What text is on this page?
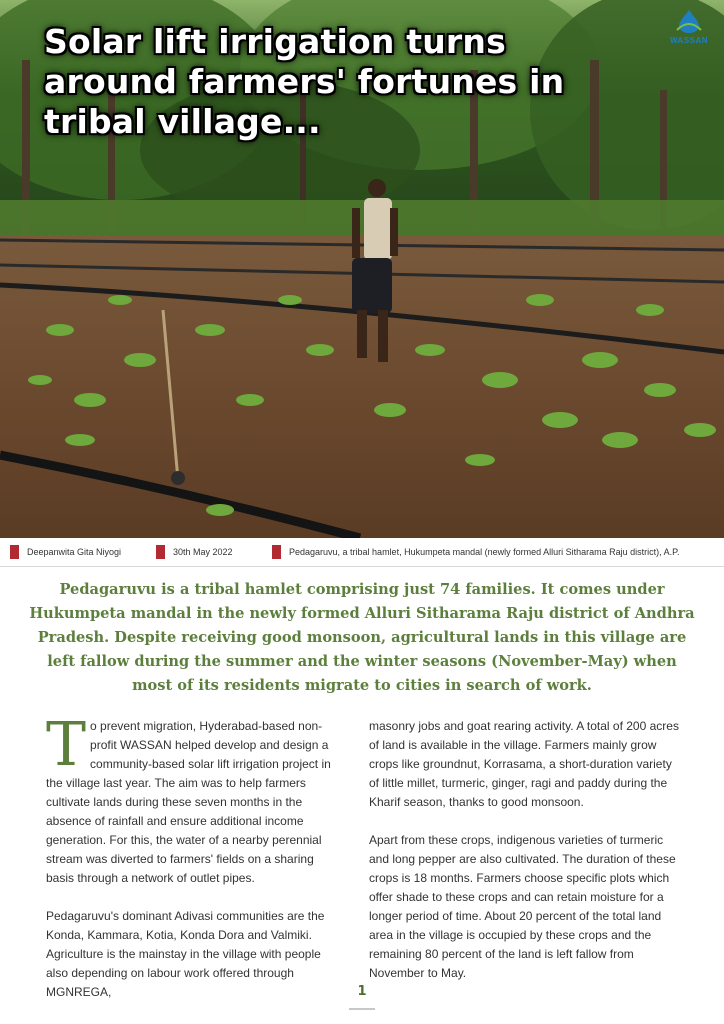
Solar lift irrigation turns around farmers' fortunes in tribal village...
WASSAN
Deepanwita Gita Niyogi	30th May 2022	Pedagaruvu, a tribal hamlet, Hukumpeta mandal (newly formed Alluri Sitharama Raju district), A.P.

Pedagaruvu is a tribal hamlet comprising just 74 families. It comes under Hukumpeta mandal in the newly formed Alluri Sitharama Raju district of Andhra Pradesh. Despite receiving good monsoon, agricultural lands in this village are left fallow during the summer and the winter seasons (November-May) when most of its residents migrate to cities in search of work.

To prevent migration, Hyderabad-based non-profit WASSAN helped develop and design a community-based solar lift irrigation project in the village last year. The aim was to help farmers cultivate lands during these seven months in the absence of rainfall and ensure additional income generation. For this, the water of a nearby perennial stream was diverted to farmers' fields on a sharing basis through a network of outlet pipes.

Pedagaruvu's dominant Adivasi communities are the Konda, Kammara, Kotia, Konda Dora and Valmiki. Agriculture is the mainstay in the village with people also depending on labour work offered through MGNREGA,

masonry jobs and goat rearing activity. A total of 200 acres of land is available in the village. Farmers mainly grow crops like groundnut, Korrasama, a short-duration variety of little millet, turmeric, ginger, ragi and paddy during the Kharif season, thanks to good monsoon.

Apart from these crops, indigenous varieties of turmeric and long pepper are also cultivated. The duration of these crops is 18 months. Farmers choose specific plots which offer shade to these crops and can retain moisture for a longer period of time. About 20 percent of the total land area in the village is occupied by these crops and the remaining 80 percent of the land is left fallow from November to May.

1
